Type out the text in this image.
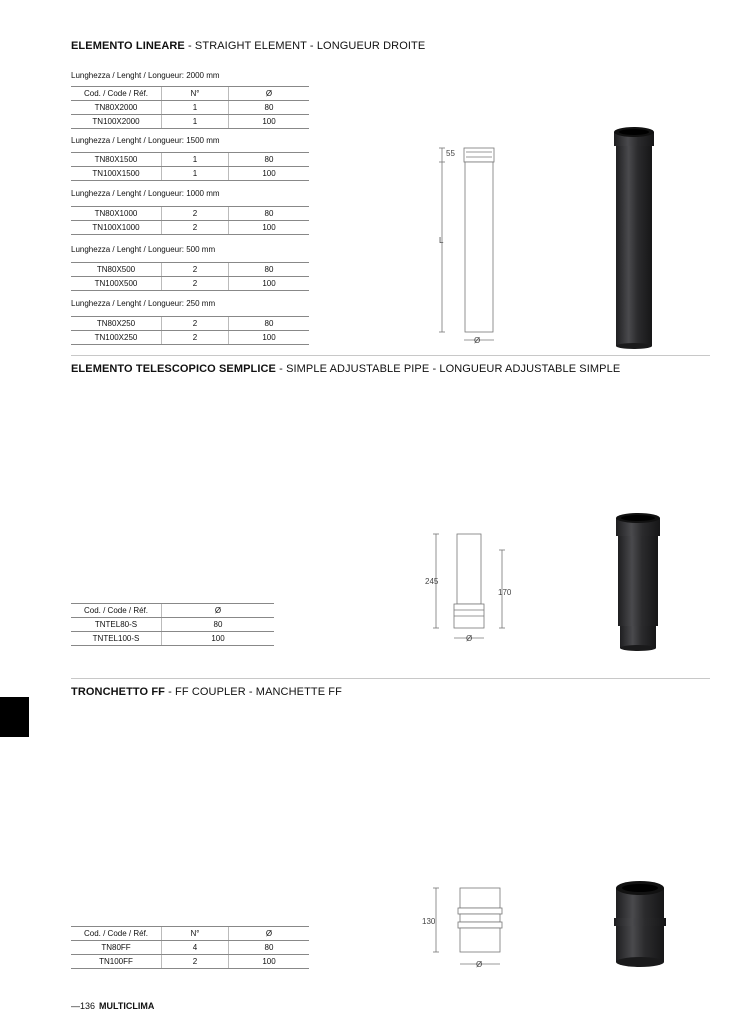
ELEMENTO LINEARE - STRAIGHT ELEMENT - LONGUEUR DROITE
Lunghezza / Lenght / Longueur: 2000 mm
Cod. / Code / Réf.	N°	Ø
TN80X2000	1	80
TN100X2000	1	100
Lunghezza / Lenght / Longueur: 1500 mm
TN80X1500	1	80
TN100X1500	1	100
Lunghezza / Lenght / Longueur: 1000 mm
TN80X1000	2	80
TN100X1000	2	100
Lunghezza / Lenght / Longueur: 500 mm
TN80X500	2	80
TN100X500	2	100
Lunghezza / Lenght / Longueur: 250 mm
TN80X250	2	80
TN100X250	2	100
55
L
Ø
ELEMENTO TELESCOPICO SEMPLICE - SIMPLE ADJUSTABLE PIPE - LONGUEUR ADJUSTABLE SIMPLE
Cod. / Code / Réf.	Ø
TNTEL80-S	80
TNTEL100-S	100
245
170
Ø
TRONCHETTO FF - FF COUPLER - MANCHETTE FF
Cod. / Code / Réf.	N°	Ø
TN80FF	4	80
TN100FF	2	100
130
Ø
—136 MULTICLIMA
